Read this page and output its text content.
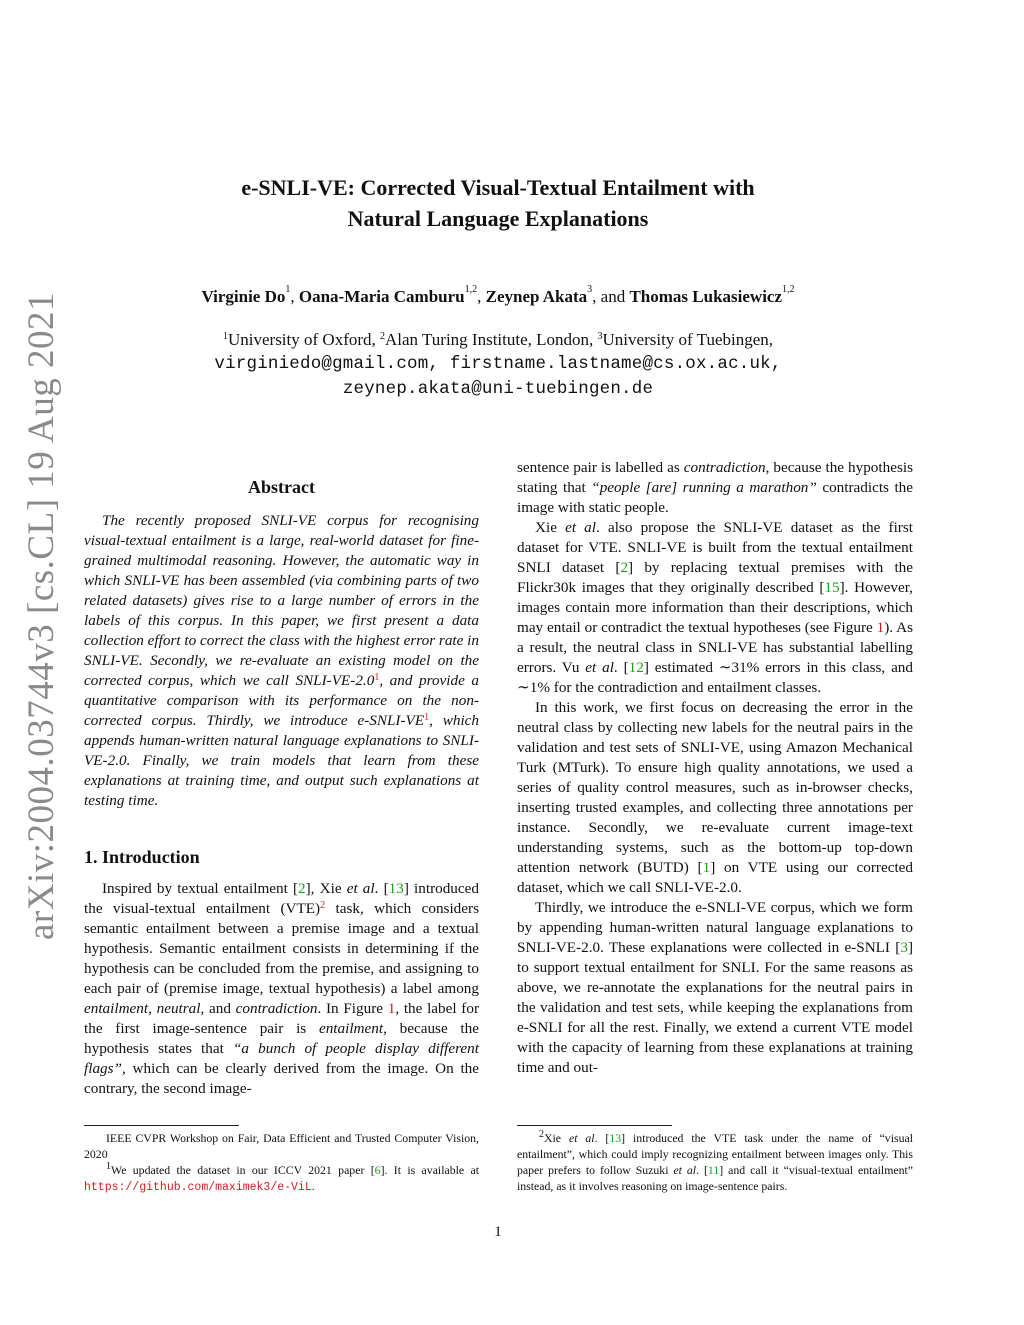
arXiv:2004.03744v3 [cs.CL] 19 Aug 2021
e-SNLI-VE: Corrected Visual-Textual Entailment with
Natural Language Explanations
Virginie Do$^1$, Oana-Maria Camburu$^{1,2}$, Zeynep Akata$^3$, and Thomas Lukasiewicz$^{1,2}$
$^1$University of Oxford, $^2$Alan Turing Institute, London, $^3$University of Tuebingen,
virginiedo@gmail.com, firstname.lastname@cs.ox.ac.uk,
zeynep.akata@uni-tuebingen.de
Abstract

The recently proposed SNLI-VE corpus for recognising visual-textual entailment is a large, real-world dataset for fine-grained multimodal reasoning. However, the automatic way in which SNLI-VE has been assembled (via combining parts of two related datasets) gives rise to a large number of errors in the labels of this corpus. In this paper, we first present a data collection effort to correct the class with the highest error rate in SNLI-VE. Secondly, we re-evaluate an existing model on the corrected corpus, which we call SNLI-$VE-2.0^1$, and provide a quantitative comparison with its performance on the non-corrected corpus. Thirdly, we introduce $e-SNLI-VE^1$, which appends human-written natural language explanations to SNLI-VE-2.0. Finally, we train models that learn from these explanations at training time, and output such explanations at testing time.

1. Introduction

Inspired by textual entailment [2], Xie et al. [13] introduced the visual-textual entailment (VTE)$^2$ task, which considers semantic entailment between a premise image and a textual hypothesis. Semantic entailment consists in determining if the hypothesis can be concluded from the premise, and assigning to each pair of (premise image, textual hypothesis) a label among entailment, neutral, and contradiction. In Figure 1, the label for the first image-sentence pair is entailment, because the hypothesis states that “a bunch of people display different flags”, which can be clearly derived from the image. On the contrary, the second image-

sentence pair is labelled as contradiction, because the hypothesis stating that “people [are] running a marathon” contradicts the image with static people.

Xie et al. also propose the SNLI-VE dataset as the first dataset for VTE. SNLI-VE is built from the textual entailment SNLI dataset [2] by replacing textual premises with the Flickr30k images that they originally described [15]. However, images contain more information than their descriptions, which may entail or contradict the textual hypotheses (see Figure 1). As a result, the neutral class in SNLI-VE has substantial labelling errors. Vu et al. [12] estimated ∼31% errors in this class, and ∼1% for the contradiction and entailment classes.

In this work, we first focus on decreasing the error in the neutral class by collecting new labels for the neutral pairs in the validation and test sets of SNLI-VE, using Amazon Mechanical Turk (MTurk). To ensure high quality annotations, we used a series of quality control measures, such as in-browser checks, inserting trusted examples, and collecting three annotations per instance. Secondly, we re-evaluate current image-text understanding systems, such as the bottom-up top-down attention network (BUTD) [1] on VTE using our corrected dataset, which we call SNLI-VE-2.0.

Thirdly, we introduce the e-SNLI-VE corpus, which we form by appending human-written natural language explanations to SNLI-VE-2.0. These explanations were collected in e-SNLI [3] to support textual entailment for SNLI. For the same reasons as above, we re-annotate the explanations for the neutral pairs in the validation and test sets, while keeping the explanations from e-SNLI for all the rest. Finally, we extend a current VTE model with the capacity of learning from these explanations at training time and out-

IEEE CVPR Workshop on Fair, Data Efficient and Trusted Computer Vision, 2020

$^1$We updated the dataset in our ICCV 2021 paper [6]. It is available at https://github.com/maximek3/e-ViL.

$^2$Xie et al. [13] introduced the VTE task under the name of “visual entailment”, which could imply recognizing entailment between images only. This paper prefers to follow Suzuki et al. [11] and call it “visual-textual entailment” instead, as it involves reasoning on image-sentence pairs.

1
